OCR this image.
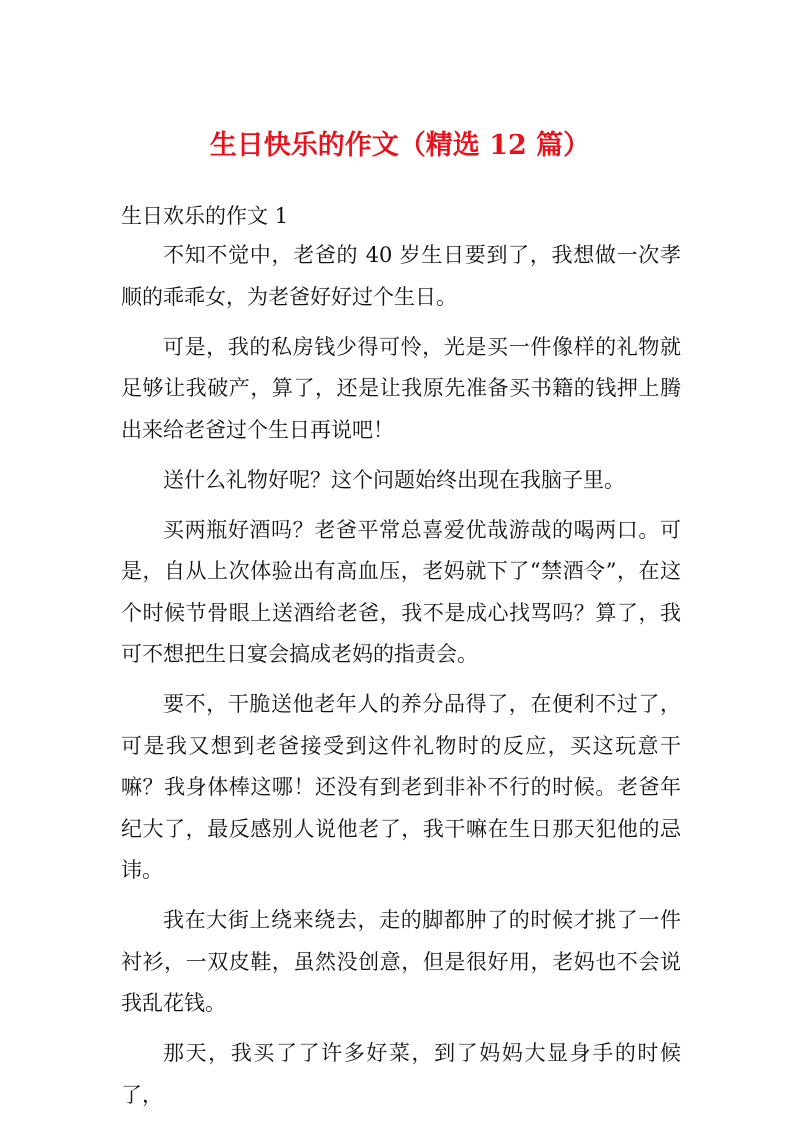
生日快乐的作文（精选 12 篇）
生日欢乐的作文 1

不知不觉中，老爸的 40 岁生日要到了，我想做一次孝顺的乖乖女，为老爸好好过个生日。

可是，我的私房钱少得可怜，光是买一件像样的礼物就足够让我破产，算了，还是让我原先准备买书籍的钱押上腾出来给老爸过个生日再说吧！

送什么礼物好呢？这个问题始终出现在我脑子里。

买两瓶好酒吗？老爸平常总喜爱优哉游哉的喝两口。可是，自从上次体验出有高血压，老妈就下了“禁酒令”，在这个时候节骨眼上送酒给老爸，我不是成心找骂吗？算了，我可不想把生日宴会搞成老妈的指责会。

要不，干脆送他老年人的养分品得了，在便利不过了，可是我又想到老爸接受到这件礼物时的反应，买这玩意干嘛？我身体棒这哪！还没有到老到非补不行的时候。老爸年纪大了，最反感别人说他老了，我干嘛在生日那天犯他的忌讳。

我在大街上绕来绕去，走的脚都肿了的时候才挑了一件衬衫，一双皮鞋，虽然没创意，但是很好用，老妈也不会说我乱花钱。

那天，我买了了许多好菜，到了妈妈大显身手的时候了，
